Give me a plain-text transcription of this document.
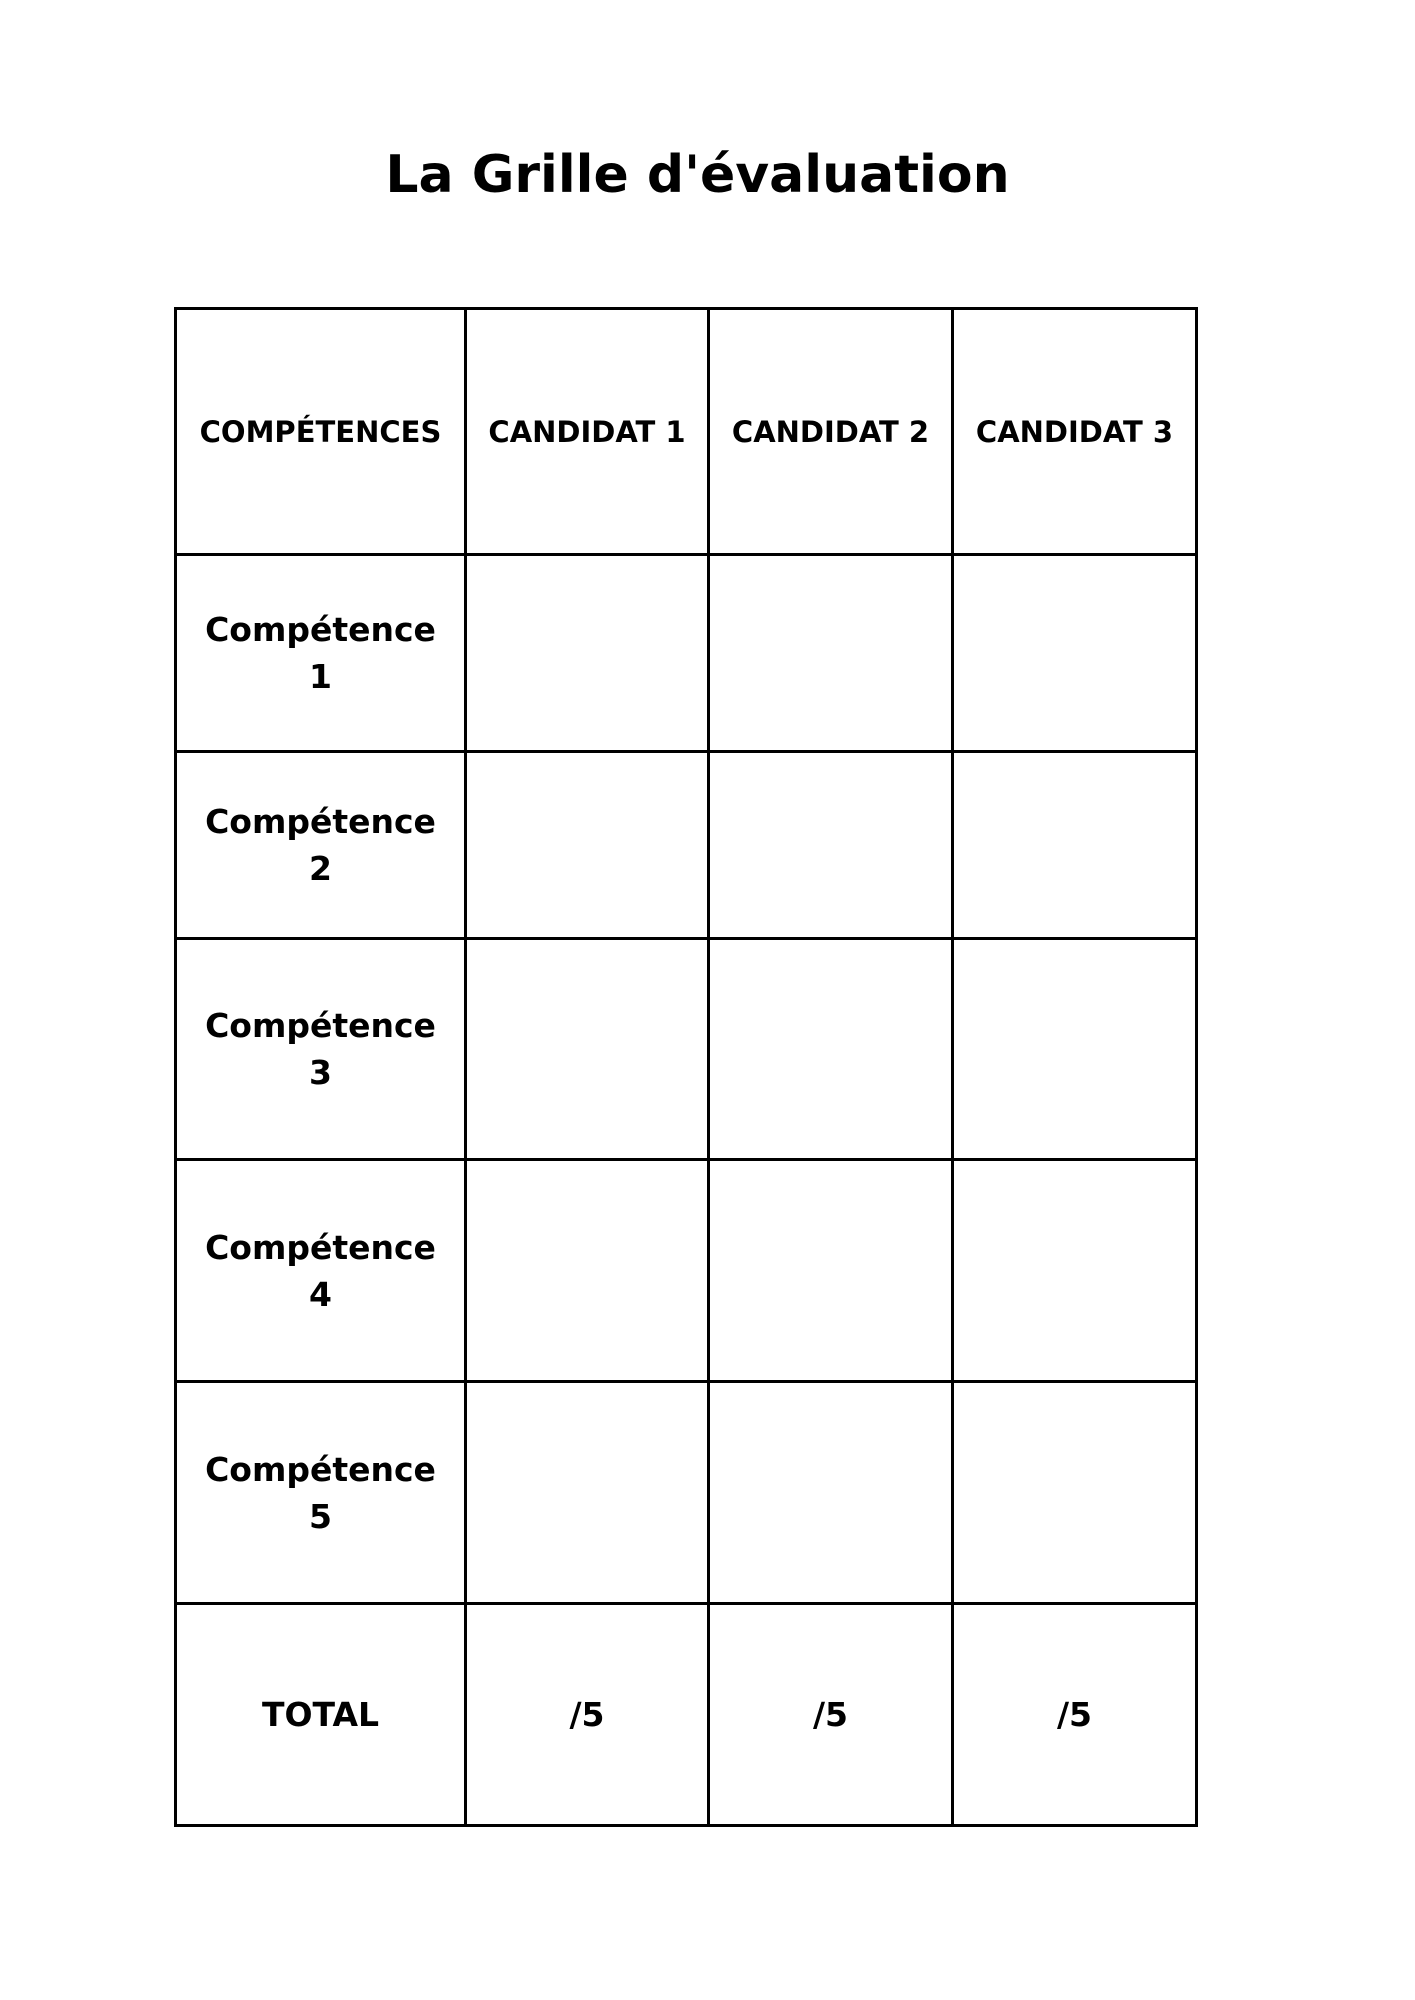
La Grille d'évaluation
COMPÉTENCES	CANDIDAT 1	CANDIDAT 2	CANDIDAT 3

Compétence
1			

Compétence
2			

Compétence
3			

Compétence
4			

Compétence
5			

TOTAL	/5	/5	/5
